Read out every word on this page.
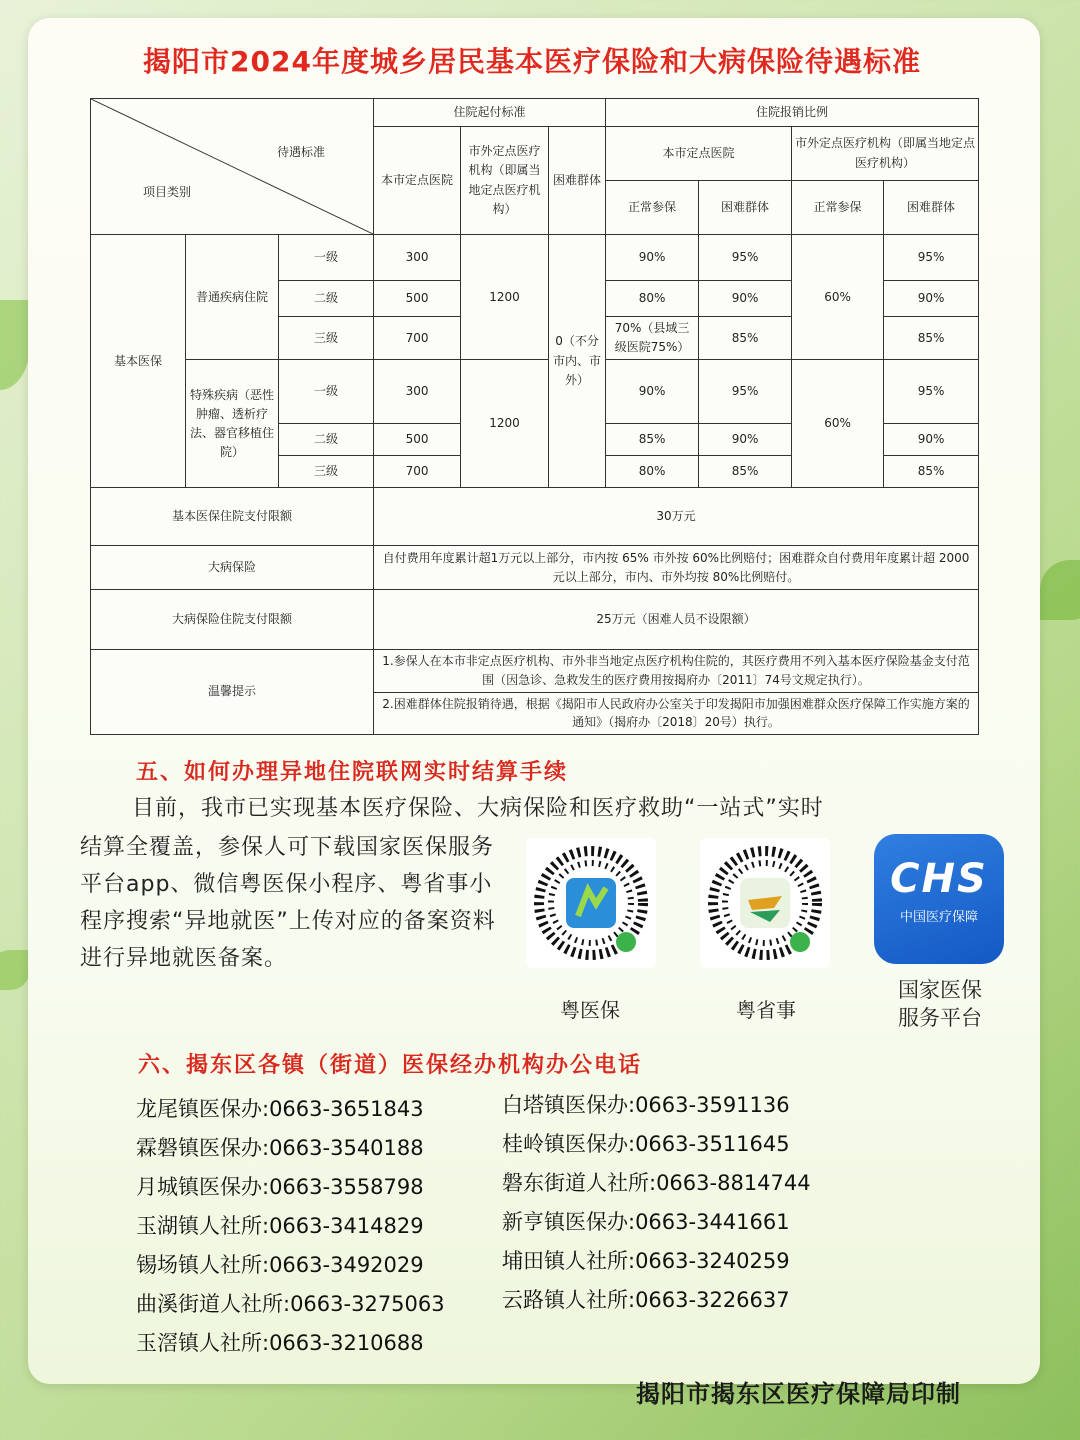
揭阳市2024年度城乡居民基本医疗保险和大病保险待遇标准
待遇标准
项目类别			住院起付标准			住院报销比例			
			本市定点医院	市外定点医疗机构（即属当地定点医疗机构）	困难群体	本市定点医院		市外定点医疗机构（即属当地定点医疗机构）	
						正常参保	困难群体	正常参保	困难群体
基本医保	普通疾病住院	一级	300	1200	0（不分市内、市外）	90%	95%	60%	95%
		二级	500			80%	90%		90%
		三级	700			70%（县域三级医院75%）	85%		85%
	特殊疾病（恶性肿瘤、透析疗法、器官移植住院）	一级	300	1200		90%	95%	60%	95%
		二级	500			85%	90%		90%
		三级	700			80%	85%		85%
基本医保住院支付限额			30万元						
大病保险			自付费用年度累计超1万元以上部分，市内按 65% 市外按 60%比例赔付；困难群众自付费用年度累计超 2000元以上部分，市内、市外均按 80%比例赔付。						
大病保险住院支付限额			25万元（困难人员不设限额）						
温馨提示			1.参保人在本市非定点医疗机构、市外非当地定点医疗机构住院的，其医疗费用不列入基本医疗保险基金支付范围（因急诊、急救发生的医疗费用按揭府办〔2011〕74号文规定执行）。
2.困难群体住院报销待遇，根据《揭阳市人民政府办公室关于印发揭阳市加强困难群众医疗保障工作实施方案的通知》（揭府办〔2018〕20号）执行。						
五、如何办理异地住院联网实时结算手续
目前，我市已实现基本医疗保险、大病保险和医疗救助“一站式”实时
结算全覆盖，参保人可下载国家医保服务平台app、微信粤医保小程序、粤省事小程序搜索“异地就医”上传对应的备案资料进行异地就医备案。
粤医保	粤省事
CHS
中国医疗保障
国家医保服务平台
六、揭东区各镇（街道）医保经办机构办公电话
龙尾镇医保办:0663-3651843
霖磐镇医保办:0663-3540188
月城镇医保办:0663-3558798
玉湖镇人社所:0663-3414829
锡场镇人社所:0663-3492029
曲溪街道人社所:0663-3275063
玉滘镇人社所:0663-3210688
白塔镇医保办:0663-3591136
桂岭镇医保办:0663-3511645
磐东街道人社所:0663-8814744
新亨镇医保办:0663-3441661
埔田镇人社所:0663-3240259
云路镇人社所:0663-3226637
揭阳市揭东区医疗保障局印制
